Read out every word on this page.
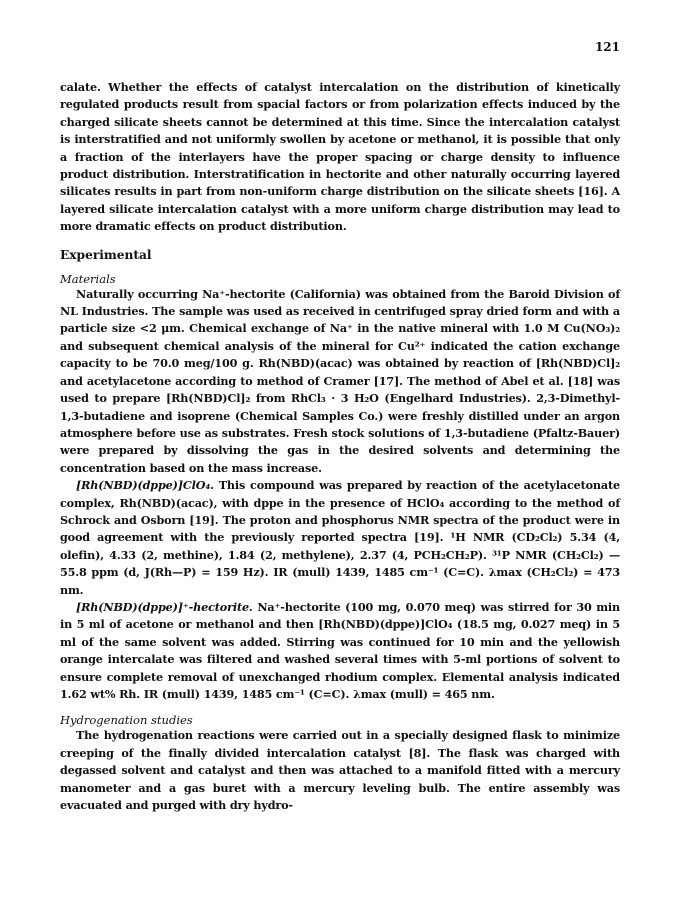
121

calate. Whether the effects of catalyst intercalation on the distribution of kinetically regulated products result from spacial factors or from polarization effects induced by the charged silicate sheets cannot be determined at this time. Since the intercalation catalyst is interstratified and not uniformly swollen by acetone or methanol, it is possible that only a fraction of the interlayers have the proper spacing or charge density to influence product distribution. Interstratification in hectorite and other naturally occurring layered silicates results in part from non-uniform charge distribution on the silicate sheets [16]. A layered silicate intercalation catalyst with a more uniform charge distribution may lead to more dramatic effects on product distribution.

Experimental
Materials

Naturally occurring Na⁺-hectorite (California) was obtained from the Baroid Division of NL Industries. The sample was used as received in centrifuged spray dried form and with a particle size <2 μm. Chemical exchange of Na⁺ in the native mineral with 1.0 M Cu(NO₃)₂ and subsequent chemical analysis of the mineral for Cu²⁺ indicated the cation exchange capacity to be 70.0 meg/100 g. Rh(NBD)(acac) was obtained by reaction of [Rh(NBD)Cl]₂ and acetylacetone according to method of Cramer [17]. The method of Abel et al. [18] was used to prepare [Rh(NBD)Cl]₂ from RhCl₃ · 3 H₂O (Engelhard Industries). 2,3-Dimethyl-1,3-butadiene and isoprene (Chemical Samples Co.) were freshly distilled under an argon atmosphere before use as substrates. Fresh stock solutions of 1,3-butadiene (Pfaltz-Bauer) were prepared by dissolving the gas in the desired solvents and determining the concentration based on the mass increase.

[Rh(NBD)(dppe)]ClO₄. This compound was prepared by reaction of the acetylacetonate complex, Rh(NBD)(acac), with dppe in the presence of HClO₄ according to the method of Schrock and Osborn [19]. The proton and phosphorus NMR spectra of the product were in good agreement with the previously reported spectra [19]. ¹H NMR (CD₂Cl₂) 5.34 (4, olefin), 4.33 (2, methine), 1.84 (2, methylene), 2.37 (4, PCH₂CH₂P). ³¹P NMR (CH₂Cl₂) —55.8 ppm (d, J(Rh—P) = 159 Hz). IR (mull) 1439, 1485 cm⁻¹ (C=C). λmax (CH₂Cl₂) = 473 nm.

[Rh(NBD)(dppe)]⁺-hectorite. Na⁺-hectorite (100 mg, 0.070 meq) was stirred for 30 min in 5 ml of acetone or methanol and then [Rh(NBD)(dppe)]ClO₄ (18.5 mg, 0.027 meq) in 5 ml of the same solvent was added. Stirring was continued for 10 min and the yellowish orange intercalate was filtered and washed several times with 5-ml portions of solvent to ensure complete removal of unexchanged rhodium complex. Elemental analysis indicated 1.62 wt% Rh. IR (mull) 1439, 1485 cm⁻¹ (C=C). λmax (mull) = 465 nm.

Hydrogenation studies

The hydrogenation reactions were carried out in a specially designed flask to minimize creeping of the finally divided intercalation catalyst [8]. The flask was charged with degassed solvent and catalyst and then was attached to a manifold fitted with a mercury manometer and a gas buret with a mercury leveling bulb. The entire assembly was evacuated and purged with dry hydro-
